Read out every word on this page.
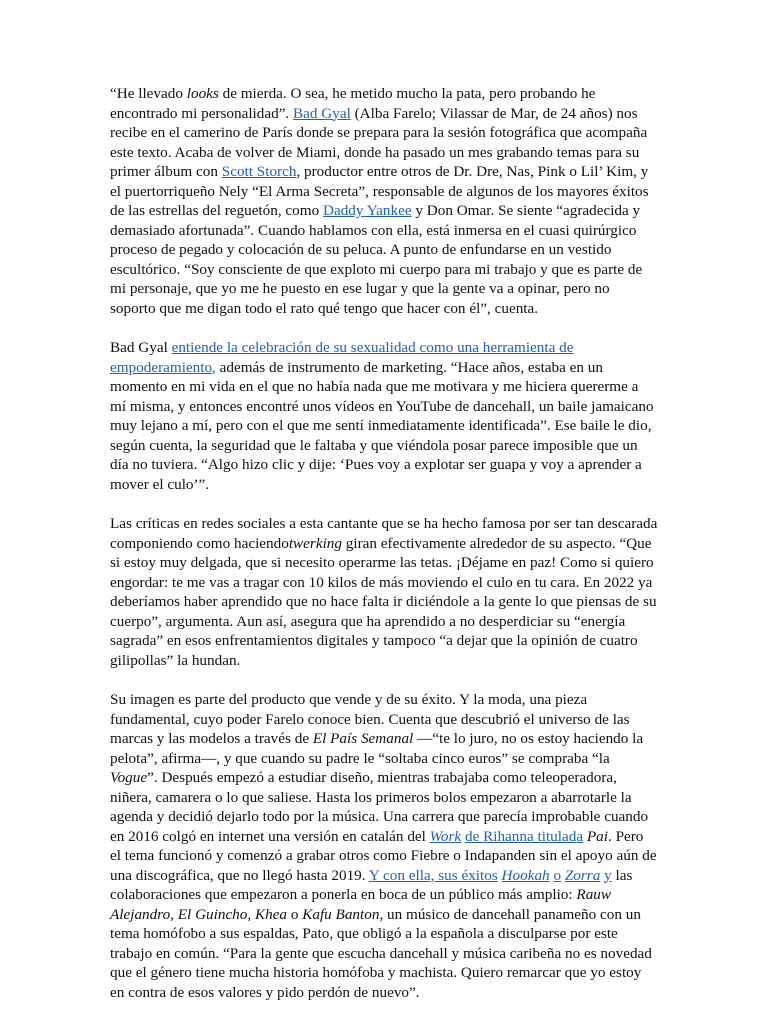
“He llevado looks de mierda. O sea, he metido mucho la pata, pero probando he encontrado mi personalidad”. Bad Gyal (Alba Farelo; Vilassar de Mar, de 24 años) nos recibe en el camerino de París donde se prepara para la sesión fotográfica que acompaña este texto. Acaba de volver de Miami, donde ha pasado un mes grabando temas para su primer álbum con Scott Storch, productor entre otros de Dr. Dre, Nas, Pink o Lil’ Kim, y el puertorriqueño Nely “El Arma Secreta”, responsable de algunos de los mayores éxitos de las estrellas del reguetón, como Daddy Yankee y Don Omar. Se siente “agradecida y demasiado afortunada”. Cuando hablamos con ella, está inmersa en el cuasi quirúrgico proceso de pegado y colocación de su peluca. A punto de enfundarse en un vestido escultórico. “Soy consciente de que exploto mi cuerpo para mi trabajo y que es parte de mi personaje, que yo me he puesto en ese lugar y que la gente va a opinar, pero no soporto que me digan todo el rato qué tengo que hacer con él”, cuenta.

Bad Gyal entiende la celebración de su sexualidad como una herramienta de empoderamiento, además de instrumento de marketing. “Hace años, estaba en un momento en mi vida en el que no había nada que me motivara y me hiciera quererme a mí misma, y entonces encontré unos vídeos en YouTube de dancehall, un baile jamaicano muy lejano a mí, pero con el que me sentí inmediatamente identificada”. Ese baile le dio, según cuenta, la seguridad que le faltaba y que viéndola posar parece imposible que un día no tuviera. “Algo hizo clic y dije: ‘Pues voy a explotar ser guapa y voy a aprender a mover el culo’”.

Las críticas en redes sociales a esta cantante que se ha hecho famosa por ser tan descarada componiendo como haciendotwerking giran efectivamente alrededor de su aspecto. “Que si estoy muy delgada, que si necesito operarme las tetas. ¡Déjame en paz! Como si quiero engordar: te me vas a tragar con 10 kilos de más moviendo el culo en tu cara. En 2022 ya deberíamos haber aprendido que no hace falta ir diciéndole a la gente lo que piensas de su cuerpo”, argumenta. Aun así, asegura que ha aprendido a no desperdiciar su “energía sagrada” en esos enfrentamientos digitales y tampoco “a dejar que la opinión de cuatro gilipollas” la hundan.

Su imagen es parte del producto que vende y de su éxito. Y la moda, una pieza fundamental, cuyo poder Farelo conoce bien. Cuenta que descubrió el universo de las marcas y las modelos a través de El País Semanal —“te lo juro, no os estoy haciendo la pelota”, afirma—, y que cuando su padre le “soltaba cinco euros” se compraba “la Vogue”. Después empezó a estudiar diseño, mientras trabajaba como teleoperadora, niñera, camarera o lo que saliese. Hasta los primeros bolos empezaron a abarrotarle la agenda y decidió dejarlo todo por la música. Una carrera que parecía improbable cuando en 2016 colgó en internet una versión en catalán del Work de Rihanna titulada Pai. Pero el tema funcionó y comenzó a grabar otros como Fiebre o Indapanden sin el apoyo aún de una discográfica, que no llegó hasta 2019. Y con ella, sus éxitos Hookah o Zorra y las colaboraciones que empezaron a ponerla en boca de un público más amplio: Rauw Alejandro, El Guincho, Khea o Kafu Banton, un músico de dancehall panameño con un tema homófobo a sus espaldas, Pato, que obligó a la española a disculparse por este trabajo en común. “Para la gente que escucha dancehall y música caribeña no es novedad que el género tiene mucha historia homófoba y machista. Quiero remarcar que yo estoy en contra de esos valores y pido perdón de nuevo”.
